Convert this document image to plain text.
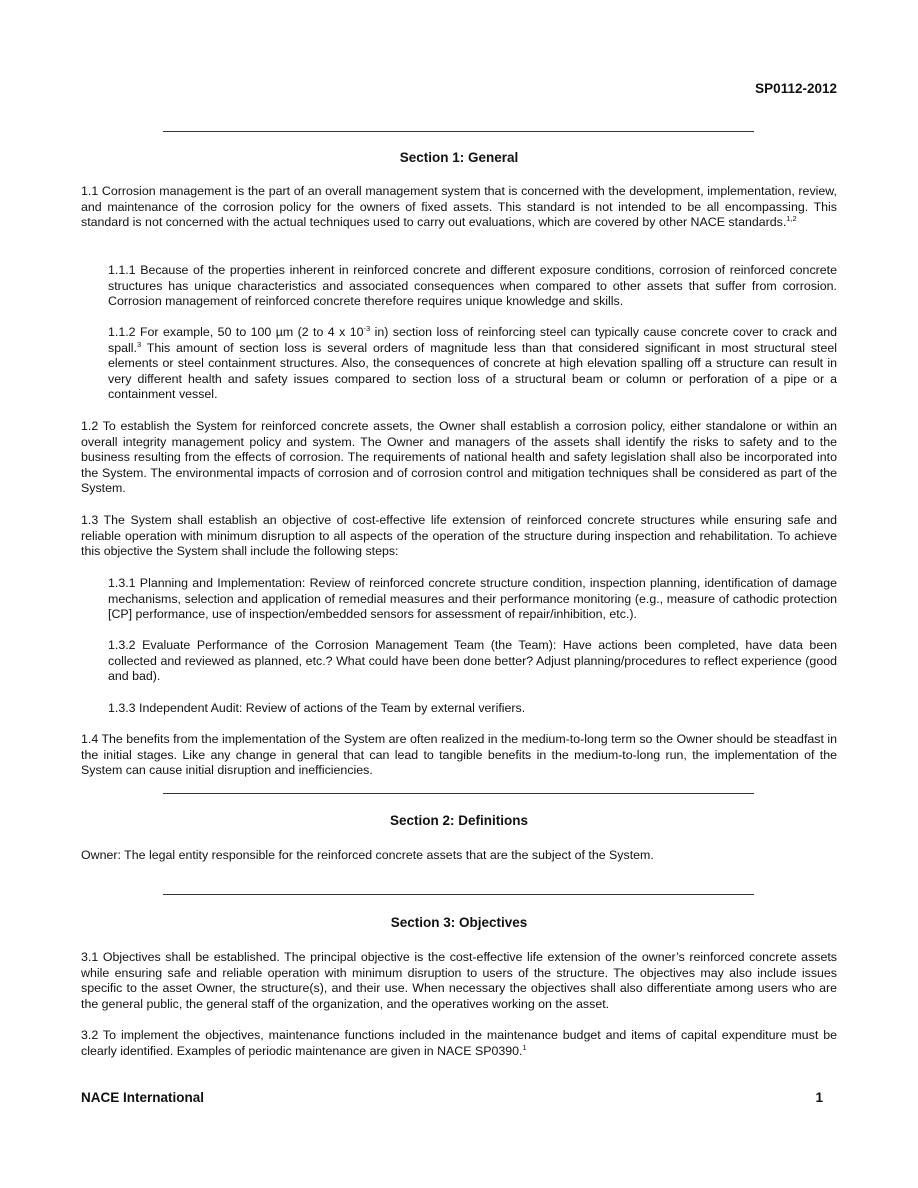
SP0112-2012
Section 1: General

1.1 Corrosion management is the part of an overall management system that is concerned with the development, implementation, review, and maintenance of the corrosion policy for the owners of fixed assets. This standard is not intended to be all encompassing. This standard is not concerned with the actual techniques used to carry out evaluations, which are covered by other NACE standards.$^{1,2}$

1.1.1 Because of the properties inherent in reinforced concrete and different exposure conditions, corrosion of reinforced concrete structures has unique characteristics and associated consequences when compared to other assets that suffer from corrosion. Corrosion management of reinforced concrete therefore requires unique knowledge and skills.

1.1.2 For example, 50 to 100 µm (2 to 4 x $10^{-3}$ in) section loss of reinforcing steel can typically cause concrete cover to crack and spall.$^3$ This amount of section loss is several orders of magnitude less than that considered significant in most structural steel elements or steel containment structures. Also, the consequences of concrete at high elevation spalling off a structure can result in very different health and safety issues compared to section loss of a structural beam or column or perforation of a pipe or a containment vessel.

1.2 To establish the System for reinforced concrete assets, the Owner shall establish a corrosion policy, either standalone or within an overall integrity management policy and system. The Owner and managers of the assets shall identify the risks to safety and to the business resulting from the effects of corrosion. The requirements of national health and safety legislation shall also be incorporated into the System. The environmental impacts of corrosion and of corrosion control and mitigation techniques shall be considered as part of the System.

1.3 The System shall establish an objective of cost-effective life extension of reinforced concrete structures while ensuring safe and reliable operation with minimum disruption to all aspects of the operation of the structure during inspection and rehabilitation. To achieve this objective the System shall include the following steps:

1.3.1 Planning and Implementation: Review of reinforced concrete structure condition, inspection planning, identification of damage mechanisms, selection and application of remedial measures and their performance monitoring (e.g., measure of cathodic protection [CP] performance, use of inspection/embedded sensors for assessment of repair/inhibition, etc.).

1.3.2 Evaluate Performance of the Corrosion Management Team (the Team): Have actions been completed, have data been collected and reviewed as planned, etc.? What could have been done better? Adjust planning/procedures to reflect experience (good and bad).

1.3.3 Independent Audit: Review of actions of the Team by external verifiers.

1.4 The benefits from the implementation of the System are often realized in the medium-to-long term so the Owner should be steadfast in the initial stages. Like any change in general that can lead to tangible benefits in the medium-to-long run, the implementation of the System can cause initial disruption and inefficiencies.

Section 2: Definitions

Owner: The legal entity responsible for the reinforced concrete assets that are the subject of the System.

Section 3: Objectives

3.1 Objectives shall be established. The principal objective is the cost-effective life extension of the owner’s reinforced concrete assets while ensuring safe and reliable operation with minimum disruption to users of the structure. The objectives may also include issues specific to the asset Owner, the structure(s), and their use. When necessary the objectives shall also differentiate among users who are the general public, the general staff of the organization, and the operatives working on the asset.

3.2 To implement the objectives, maintenance functions included in the maintenance budget and items of capital expenditure must be clearly identified. Examples of periodic maintenance are given in NACE SP0390.$^1$

NACE International	1
